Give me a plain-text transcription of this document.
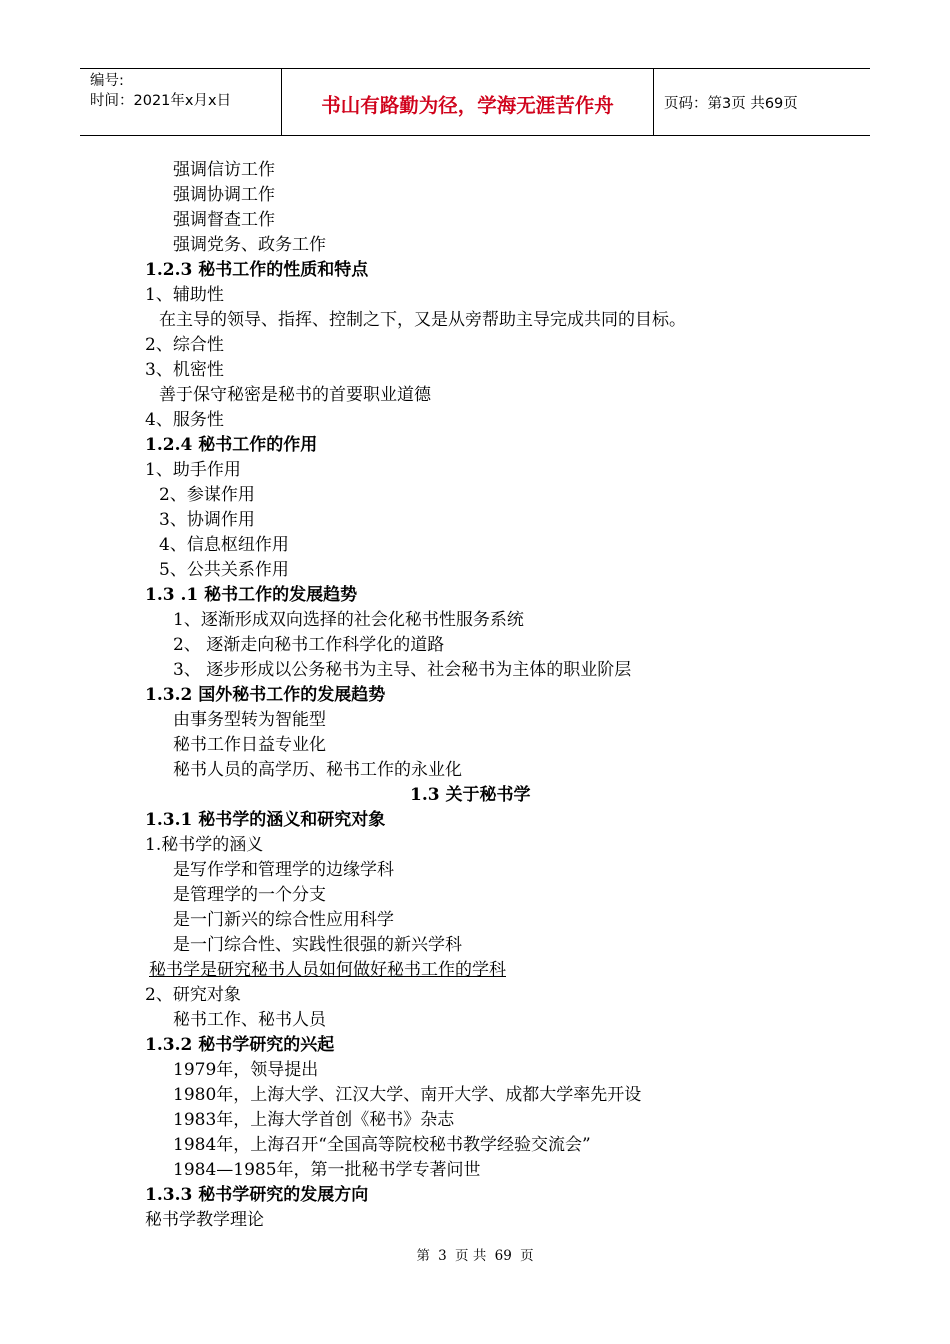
编号:
时间：2021年x月x日	书山有路勤为径，学海无涯苦作舟	页码：第3页 共69页
强调信访工作
强调协调工作
强调督查工作
强调党务、政务工作
1.2.3 秘书工作的性质和特点
1、辅助性
在主导的领导、指挥、控制之下，又是从旁帮助主导完成共同的目标。
2、综合性
3、机密性
善于保守秘密是秘书的首要职业道德
4、服务性
1.2.4 秘书工作的作用
1、助手作用
2、参谋作用
3、协调作用
4、信息枢纽作用
5、公共关系作用
1.3 .1 秘书工作的发展趋势
1、逐渐形成双向选择的社会化秘书性服务系统
2、 逐渐走向秘书工作科学化的道路
3、 逐步形成以公务秘书为主导、社会秘书为主体的职业阶层
1.3.2 国外秘书工作的发展趋势
由事务型转为智能型
秘书工作日益专业化
秘书人员的高学历、秘书工作的永业化
1.3 关于秘书学
1.3.1 秘书学的涵义和研究对象
1.秘书学的涵义
是写作学和管理学的边缘学科
是管理学的一个分支
是一门新兴的综合性应用科学
是一门综合性、实践性很强的新兴学科
秘书学是研究秘书人员如何做好秘书工作的学科
2、研究对象
秘书工作、秘书人员
1.3.2 秘书学研究的兴起
1979年，领导提出
1980年，上海大学、江汉大学、南开大学、成都大学率先开设
1983年，上海大学首创《秘书》杂志
1984年，上海召开“全国高等院校秘书教学经验交流会”
1984—1985年，第一批秘书学专著问世
1.3.3 秘书学研究的发展方向
秘书学教学理论
第 3 页 共 69 页
